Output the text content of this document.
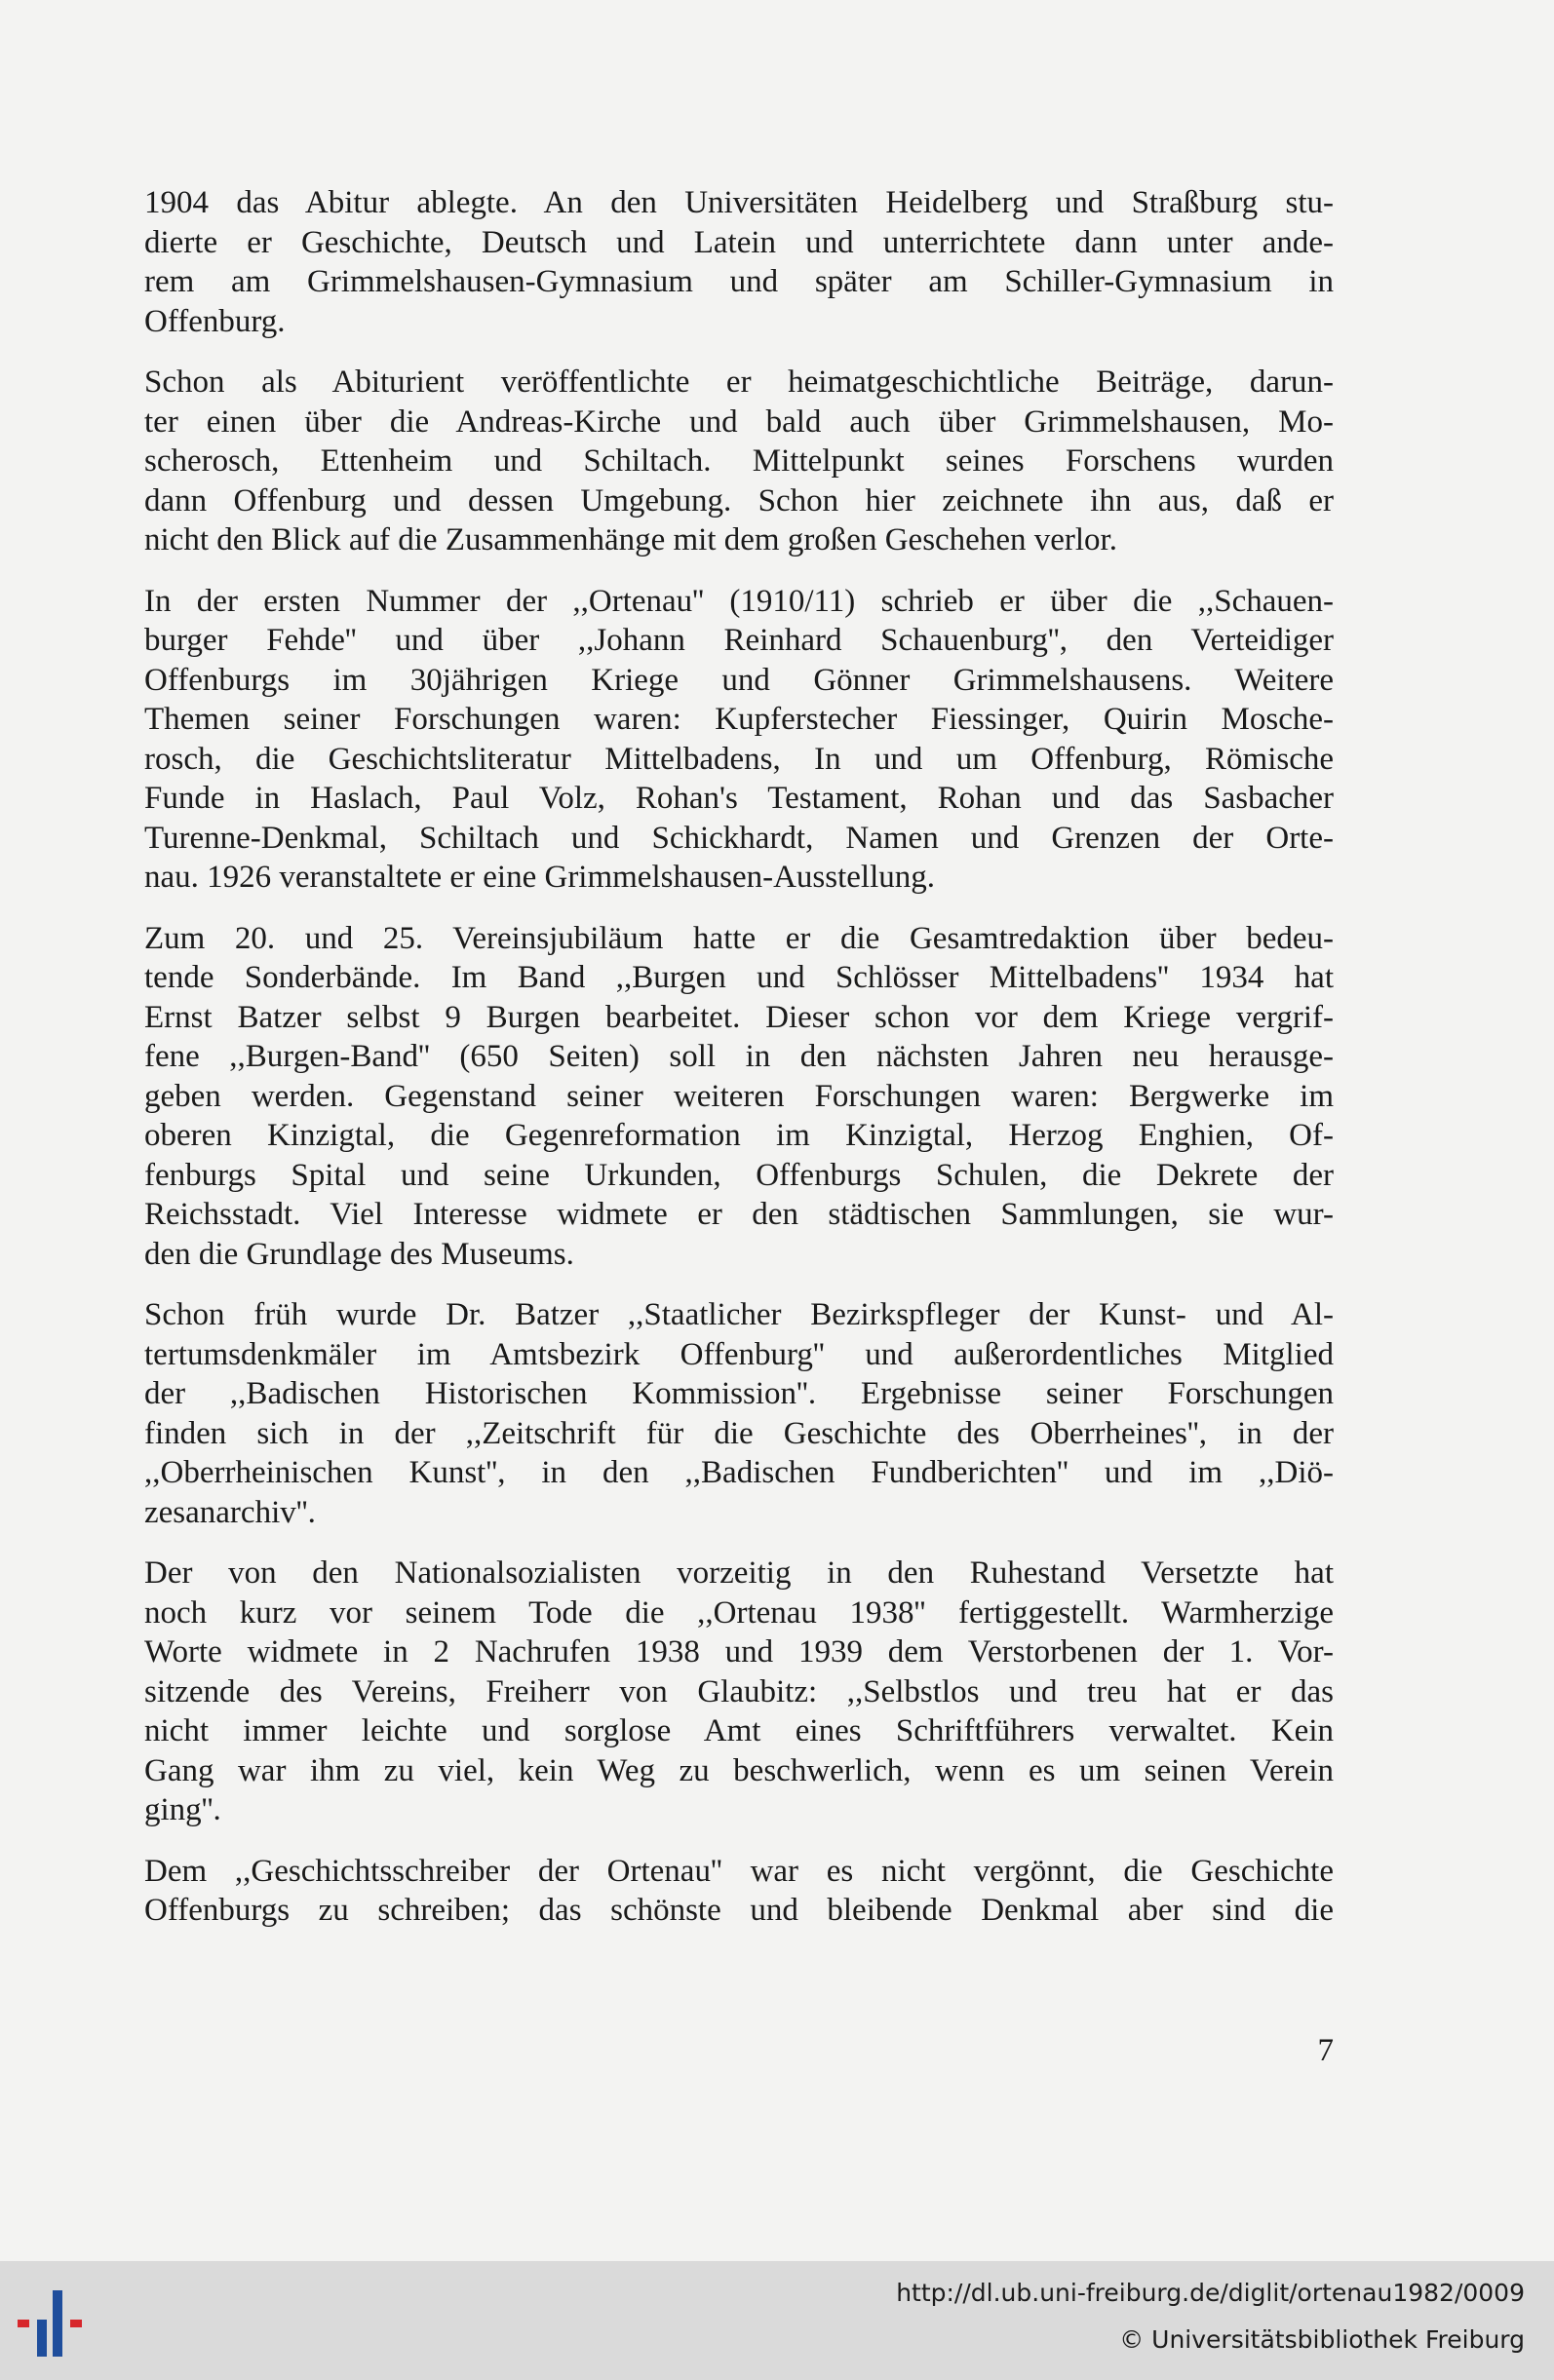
1904 das Abitur ablegte. An den Universitäten Heidelberg und Straßburg stu-
dierte er Geschichte, Deutsch und Latein und unterrichtete dann unter ande-
rem am Grimmelshausen-Gymnasium und später am Schiller-Gymnasium in
Offenburg.
Schon als Abiturient veröffentlichte er heimatgeschichtliche Beiträge, darun-
ter einen über die Andreas-Kirche und bald auch über Grimmelshausen, Mo-
scherosch, Ettenheim und Schiltach. Mittelpunkt seines Forschens wurden
dann Offenburg und dessen Umgebung. Schon hier zeichnete ihn aus, daß er
nicht den Blick auf die Zusammenhänge mit dem großen Geschehen verlor.
In der ersten Nummer der ,,Ortenau'' (1910/11) schrieb er über die ,,Schauen-
burger Fehde'' und über ,,Johann Reinhard Schauenburg'', den Verteidiger
Offenburgs im 30jährigen Kriege und Gönner Grimmelshausens. Weitere
Themen seiner Forschungen waren: Kupferstecher Fiessinger, Quirin Mosche-
rosch, die Geschichtsliteratur Mittelbadens, In und um Offenburg, Römische
Funde in Haslach, Paul Volz, Rohan's Testament, Rohan und das Sasbacher
Turenne-Denkmal, Schiltach und Schickhardt, Namen und Grenzen der Orte-
nau. 1926 veranstaltete er eine Grimmelshausen-Ausstellung.
Zum 20. und 25. Vereinsjubiläum hatte er die Gesamtredaktion über bedeu-
tende Sonderbände. Im Band ,,Burgen und Schlösser Mittelbadens'' 1934 hat
Ernst Batzer selbst 9 Burgen bearbeitet. Dieser schon vor dem Kriege vergrif-
fene ,,Burgen-Band'' (650 Seiten) soll in den nächsten Jahren neu herausge-
geben werden. Gegenstand seiner weiteren Forschungen waren: Bergwerke im
oberen Kinzigtal, die Gegenreformation im Kinzigtal, Herzog Enghien, Of-
fenburgs Spital und seine Urkunden, Offenburgs Schulen, die Dekrete der
Reichsstadt. Viel Interesse widmete er den städtischen Sammlungen, sie wur-
den die Grundlage des Museums.
Schon früh wurde Dr. Batzer ,,Staatlicher Bezirkspfleger der Kunst- und Al-
tertumsdenkmäler im Amtsbezirk Offenburg'' und außerordentliches Mitglied
der ,,Badischen Historischen Kommission''. Ergebnisse seiner Forschungen
finden sich in der ,,Zeitschrift für die Geschichte des Oberrheines'', in der
,,Oberrheinischen Kunst'', in den ,,Badischen Fundberichten'' und im ,,Diö-
zesanarchiv''.
Der von den Nationalsozialisten vorzeitig in den Ruhestand Versetzte hat
noch kurz vor seinem Tode die ,,Ortenau 1938'' fertiggestellt. Warmherzige
Worte widmete in 2 Nachrufen 1938 und 1939 dem Verstorbenen der 1. Vor-
sitzende des Vereins, Freiherr von Glaubitz: ,,Selbstlos und treu hat er das
nicht immer leichte und sorglose Amt eines Schriftführers verwaltet. Kein
Gang war ihm zu viel, kein Weg zu beschwerlich, wenn es um seinen Verein
ging''.
Dem ,,Geschichtsschreiber der Ortenau'' war es nicht vergönnt, die Geschichte
Offenburgs zu schreiben; das schönste und bleibende Denkmal aber sind die
7
http://dl.ub.uni-freiburg.de/diglit/ortenau1982/0009
© Universitätsbibliothek Freiburg
